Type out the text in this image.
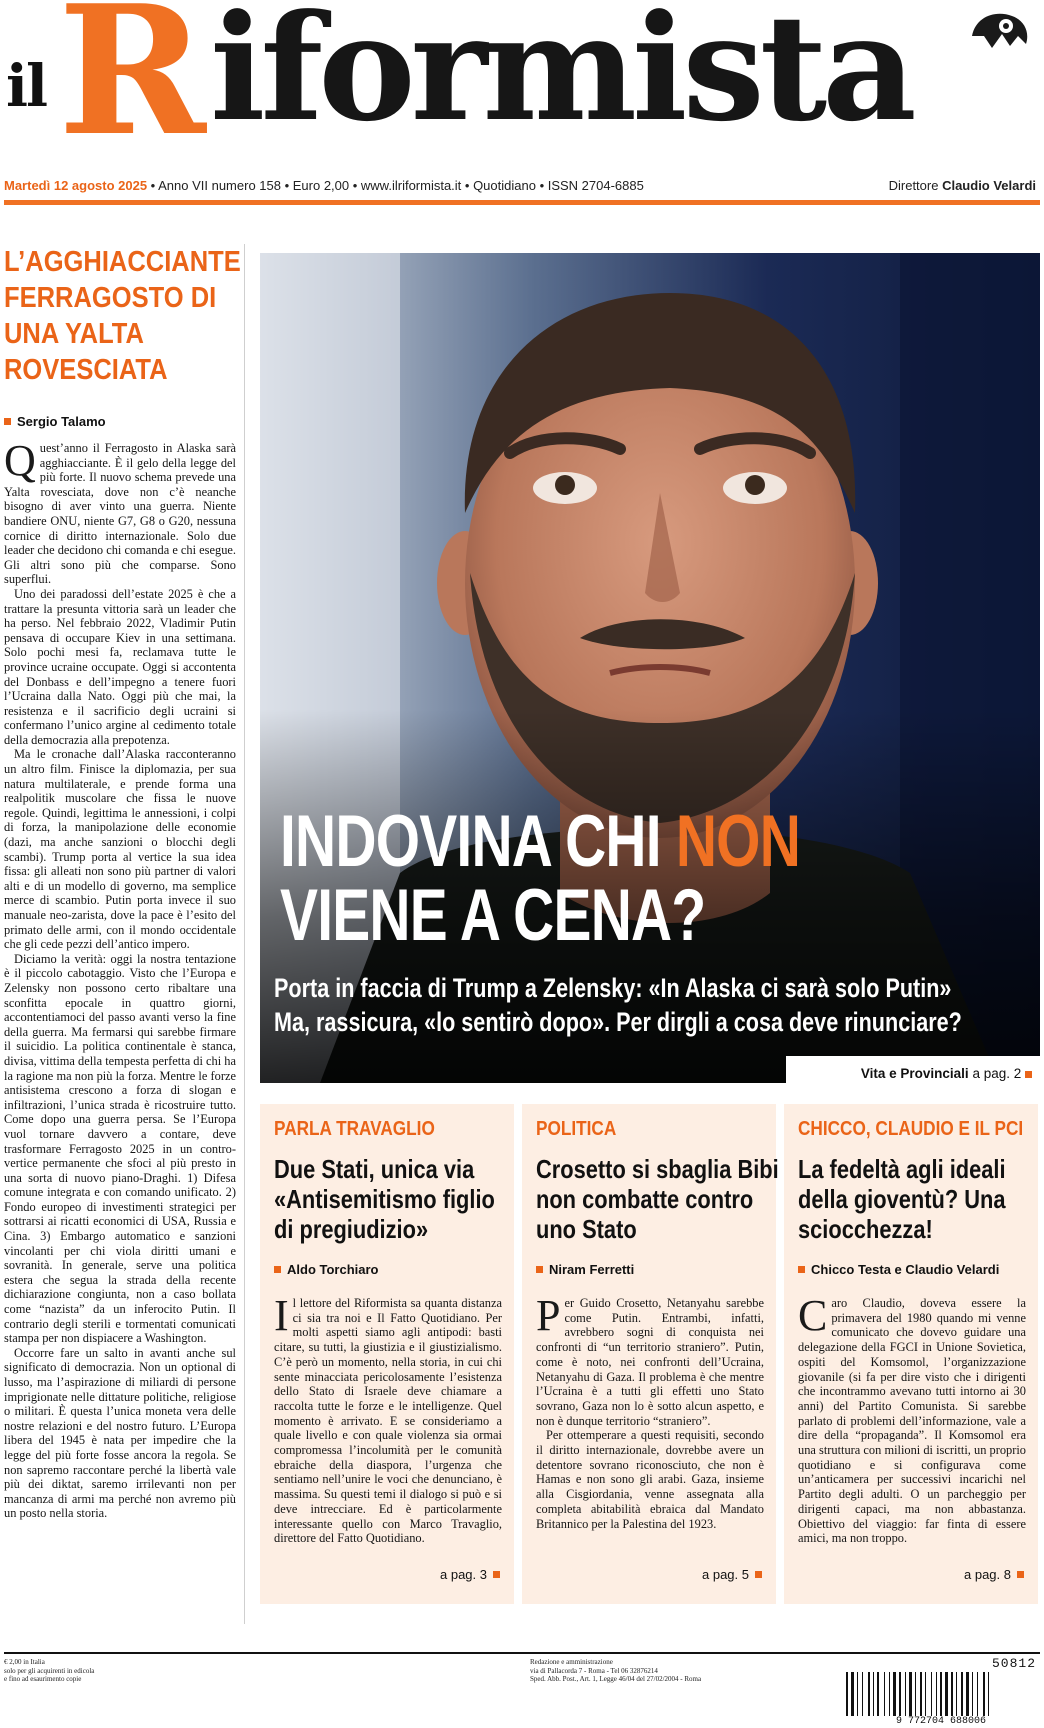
il R iformista
Martedì 12 agosto 2025 • Anno VII numero 158 • Euro 2,00 • www.ilriformista.it • Quotidiano • ISSN 2704-6885	Direttore Claudio Velardi
L’AGGHIACCIANTE FERRAGOSTO DI UNA YALTA ROVESCIATA
Sergio Talamo

Quest’anno il Ferragosto in Alaska sarà agghiacciante. È il gelo della legge del più forte. Il nuovo schema prevede una Yalta rovesciata, dove non c’è neanche bisogno di aver vinto una guerra. Niente bandiere ONU, niente G7, G8 o G20, nessuna cornice di diritto internazionale. Solo due leader che decidono chi comanda e chi esegue. Gli altri sono più che comparse. Sono superflui.

Uno dei paradossi dell’estate 2025 è che a trattare la presunta vittoria sarà un leader che ha perso. Nel febbraio 2022, Vladimir Putin pensava di occupare Kiev in una settimana. Solo pochi mesi fa, reclamava tutte le province ucraine occupate. Oggi si accontenta del Donbass e dell’impegno a tenere fuori l’Ucraina dalla Nato. Oggi più che mai, la resistenza e il sacrificio degli ucraini si confermano l’unico argine al cedimento totale della democrazia alla prepotenza.

Ma le cronache dall’Alaska racconteranno un altro film. Finisce la diplomazia, per sua natura multilaterale, e prende forma una realpolitik muscolare che fissa le nuove regole. Quindi, legittima le annessioni, i colpi di forza, la manipolazione delle economie (dazi, ma anche sanzioni o blocchi degli scambi). Trump porta al vertice la sua idea fissa: gli alleati non sono più partner di valori alti e di un modello di governo, ma semplice merce di scambio. Putin porta invece il suo manuale neo-zarista, dove la pace è l’esito del primato delle armi, con il mondo occidentale che gli cede pezzi dell’antico impero.

Diciamo la verità: oggi la nostra tentazione è il piccolo cabotaggio. Visto che l’Europa e Zelensky non possono certo ribaltare una sconfitta epocale in quattro giorni, accontentiamoci del passo avanti verso la fine della guerra. Ma fermarsi qui sarebbe firmare il suicidio. La politica continentale è stanca, divisa, vittima della tempesta perfetta di chi ha la ragione ma non più la forza. Mentre le forze antisistema crescono a forza di slogan e infiltrazioni, l’unica strada è ricostruire tutto. Come dopo una guerra persa. Se l’Europa vuol tornare davvero a contare, deve trasformare Ferragosto 2025 in un contro-vertice permanente che sfoci al più presto in una sorta di nuovo piano-Draghi. 1) Difesa comune integrata e con comando unificato. 2) Fondo europeo di investimenti strategici per sottrarsi ai ricatti economici di USA, Russia e Cina. 3) Embargo automatico e sanzioni vincolanti per chi viola diritti umani e sovranità. In generale, serve una politica estera che segua la strada della recente dichiarazione congiunta, non a caso bollata come “nazista” da un inferocito Putin. Il contrario degli sterili e tormentati comunicati stampa per non dispiacere a Washington.

Occorre fare un salto in avanti anche sul significato di democrazia. Non un optional di lusso, ma l’aspirazione di miliardi di persone imprigionate nelle dittature politiche, religiose o militari. È questa l’unica moneta vera delle nostre relazioni e del nostro futuro. L’Europa libera del 1945 è nata per impedire che la legge del più forte fosse ancora la regola. Se non sapremo raccontare perché la libertà vale più dei diktat, saremo irrilevanti non per mancanza di armi ma perché non avremo più un posto nella storia.

INDOVINA CHI NON
VIENE A CENA?
Porta in faccia di Trump a Zelensky: «In Alaska ci sarà solo Putin»
Ma, rassicura, «lo sentirò dopo». Per dirgli a cosa deve rinunciare?
Vita e Provinciali a pag. 2
PARLA TRAVAGLIO
Due Stati, unica via «Antisemitismo figlio di pregiudizio»
Aldo Torchiaro

Il lettore del Riformista sa quanta distanza ci sia tra noi e Il Fatto Quotidiano. Per molti aspetti siamo agli antipodi: basti citare, su tutti, la giustizia e il giustizialismo. C’è però un momento, nella storia, in cui chi sente minacciata pericolosamente l’esistenza dello Stato di Israele deve chiamare a raccolta tutte le forze e le intelligenze. Quel momento è arrivato. E se consideriamo a quale livello e con quale violenza sia ormai compromessa l’incolumità per le comunità ebraiche della diaspora, l’urgenza che sentiamo nell’unire le voci che denunciano, è massima. Su questi temi il dialogo si può e si deve intrecciare. Ed è particolarmente interessante quello con Marco Travaglio, direttore del Fatto Quotidiano.

a pag. 3
POLITICA
Crosetto si sbaglia Bibi non combatte contro uno Stato
Niram Ferretti

Per Guido Crosetto, Netanyahu sarebbe come Putin. Entrambi, infatti, avrebbero sogni di conquista nei confronti di “un territorio straniero”. Putin, come è noto, nei confronti dell’Ucraina, Netanyahu di Gaza. Il problema è che mentre l’Ucraina è a tutti gli effetti uno Stato sovrano, Gaza non lo è sotto alcun aspetto, e non è dunque territorio “straniero”.

Per ottemperare a questi requisiti, secondo il diritto internazionale, dovrebbe avere un detentore sovrano riconosciuto, che non è Hamas e non sono gli arabi. Gaza, insieme alla Cisgiordania, venne assegnata alla completa abitabilità ebraica dal Mandato Britannico per la Palestina del 1923.

a pag. 5
CHICCO, CLAUDIO E IL PCI
La fedeltà agli ideali della gioventù? Una sciocchezza!
Chicco Testa e Claudio Velardi

Caro Claudio, doveva essere la primavera del 1980 quando mi venne comunicato che dovevo guidare una delegazione della FGCI in Unione Sovietica, ospiti del Komsomol, l’organizzazione giovanile (si fa per dire visto che i dirigenti che incontrammo avevano tutti intorno ai 30 anni) del Partito Comunista. Si sarebbe parlato di problemi dell’informazione, vale a dire della “propaganda”. Il Komsomol era una struttura con milioni di iscritti, un proprio quotidiano e si configurava come un’anticamera per successivi incarichi nel Partito degli adulti. O un parcheggio per dirigenti capaci, ma non abbastanza. Obiettivo del viaggio: far finta di essere amici, ma non troppo.

a pag. 8
€ 2,00 in Italia
solo per gli acquirenti in edicola
e fino ad esaurimento copie
Redazione e amministrazione
via di Pallacorda 7 - Roma - Tel 06 32876214
Sped. Abb. Post., Art. 1, Legge 46/04 del 27/02/2004 - Roma
50812
9 772704 688006
